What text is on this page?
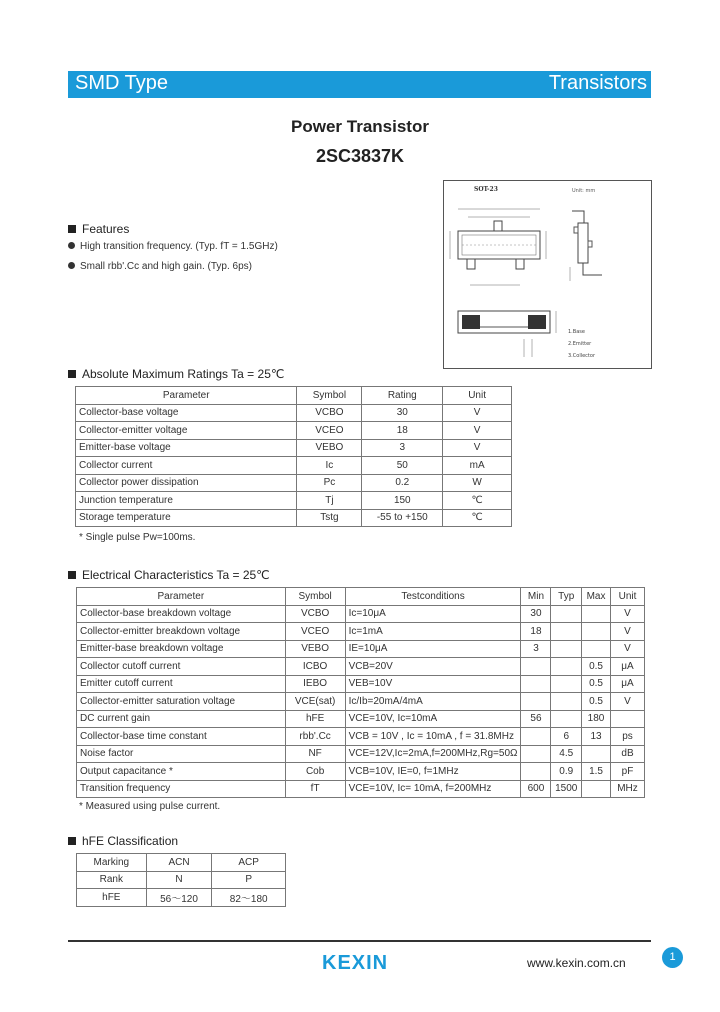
SMD Type	Transistors
Power Transistor
2SC3837K
SOT-23	Unit: mm
1.Base
2.Emitter
3.Collector
Features
High transition frequency. (Typ. fT = 1.5GHz)
Small rbb'.Cc and high gain. (Typ. 6ps)
Absolute Maximum Ratings Ta = 25℃
Parameter	Symbol	Rating	Unit
Collector-base voltage	VCBO	30	V
Collector-emitter voltage	VCEO	18	V
Emitter-base voltage	VEBO	3	V
Collector current	Ic	50	mA
Collector power dissipation	Pc	0.2	W
Junction temperature	Tj	150	℃
Storage temperature	Tstg	-55 to +150	℃
* Single pulse Pw=100ms.
Electrical Characteristics Ta = 25℃
Parameter	Symbol	Testconditions	Min	Typ	Max	Unit
Collector-base breakdown voltage	VCBO	Ic=10μA	30			V
Collector-emitter breakdown voltage	VCEO	Ic=1mA	18			V
Emitter-base breakdown voltage	VEBO	IE=10μA	3			V
Collector cutoff current	ICBO	VCB=20V			0.5	μA
Emitter cutoff current	IEBO	VEB=10V			0.5	μA
Collector-emitter saturation voltage	VCE(sat)	Ic/Ib=20mA/4mA			0.5	V
DC current gain	hFE	VCE=10V, Ic=10mA	56		180	
Collector-base time constant	rbb'.Cc	VCB = 10V , Ic = 10mA , f = 31.8MHz		6	13	ps
Noise factor	NF	VCE=12V,Ic=2mA,f=200MHz,Rg=50Ω		4.5		dB
Output capacitance *	Cob	VCB=10V, IE=0, f=1MHz		0.9	1.5	pF
Transition frequency	fT	VCE=10V, Ic= 10mA, f=200MHz	600	1500		MHz
* Measured using pulse current.
hFE Classification
Marking	ACN	ACP
Rank	N	P
hFE	56～120	82～180
KEXIN	www.kexin.com.cn	1
